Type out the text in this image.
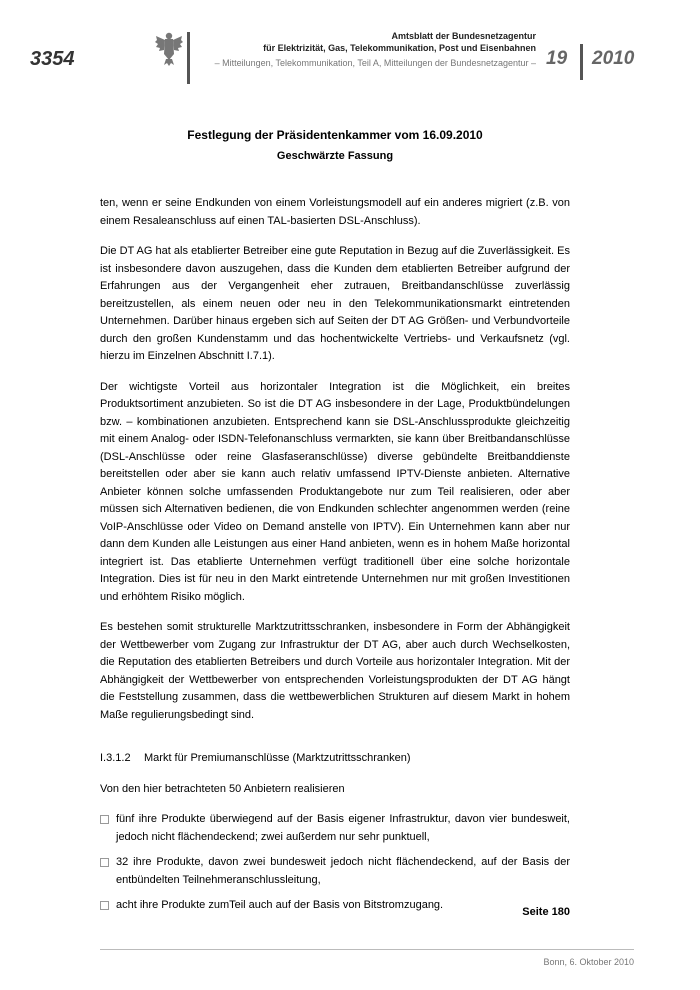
3354
Amtsblatt der Bundesnetzagentur
für Elektrizität, Gas, Telekommunikation, Post und Eisenbahnen
– Mitteilungen, Telekommunikation, Teil A, Mitteilungen der Bundesnetzagentur – 19 2010
Festlegung der Präsidentenkammer vom 16.09.2010
Geschwärzte Fassung

ten, wenn er seine Endkunden von einem Vorleistungsmodell auf ein anderes migriert (z.B. von einem Resaleanschluss auf einen TAL-basierten DSL-Anschluss).

Die DT AG hat als etablierter Betreiber eine gute Reputation in Bezug auf die Zuverlässigkeit. Es ist insbesondere davon auszugehen, dass die Kunden dem etablierten Betreiber aufgrund der Erfahrungen aus der Vergangenheit eher zutrauen, Breitbandanschlüsse zuverlässig bereitzustellen, als einem neuen oder neu in den Telekommunikationsmarkt eintretenden Unternehmen. Darüber hinaus ergeben sich auf Seiten der DT AG Größen- und Verbundvorteile durch den großen Kundenstamm und das hochentwickelte Vertriebs- und Verkaufsnetz (vgl. hierzu im Einzelnen Abschnitt I.7.1).

Der wichtigste Vorteil aus horizontaler Integration ist die Möglichkeit, ein breites Produktsortiment anzubieten. So ist die DT AG insbesondere in der Lage, Produktbündelungen bzw. – kombinationen anzubieten. Entsprechend kann sie DSL-Anschlussprodukte gleichzeitig mit einem Analog- oder ISDN-Telefonanschluss vermarkten, sie kann über Breitbandanschlüsse (DSL-Anschlüsse oder reine Glasfaseranschlüsse) diverse gebündelte Breitbanddienste bereitstellen oder aber sie kann auch relativ umfassend IPTV-Dienste anbieten. Alternative Anbieter können solche umfassenden Produktangebote nur zum Teil realisieren, oder aber müssen sich Alternativen bedienen, die von Endkunden schlechter angenommen werden (reine VoIP-Anschlüsse oder Video on Demand anstelle von IPTV). Ein Unternehmen kann aber nur dann dem Kunden alle Leistungen aus einer Hand anbieten, wenn es in hohem Maße horizontal integriert ist. Das etablierte Unternehmen verfügt traditionell über eine solche horizontale Integration. Dies ist für neu in den Markt eintretende Unternehmen nur mit großen Investitionen und erhöhtem Risiko möglich.

Es bestehen somit strukturelle Marktzutrittsschranken, insbesondere in Form der Abhängigkeit der Wettbewerber vom Zugang zur Infrastruktur der DT AG, aber auch durch Wechselkosten, die Reputation des etablierten Betreibers und durch Vorteile aus horizontaler Integration. Mit der Abhängigkeit der Wettbewerber von entsprechenden Vorleistungsprodukten der DT AG hängt die Feststellung zusammen, dass die wettbewerblichen Strukturen auf diesem Markt in hohem Maße regulierungsbedingt sind.

I.3.1.2 Markt für Premiumanschlüsse (Marktzutrittsschranken)

Von den hier betrachteten 50 Anbietern realisieren

fünf ihre Produkte überwiegend auf der Basis eigener Infrastruktur, davon vier bundesweit, jedoch nicht flächendeckend; zwei außerdem nur sehr punktuell,
32 ihre Produkte, davon zwei bundesweit jedoch nicht flächendeckend, auf der Basis der entbündelten Teilnehmeranschlussleitung,
acht ihre Produkte zumTeil auch auf der Basis von Bitstromzugang.
Seite 180
Bonn, 6. Oktober 2010
